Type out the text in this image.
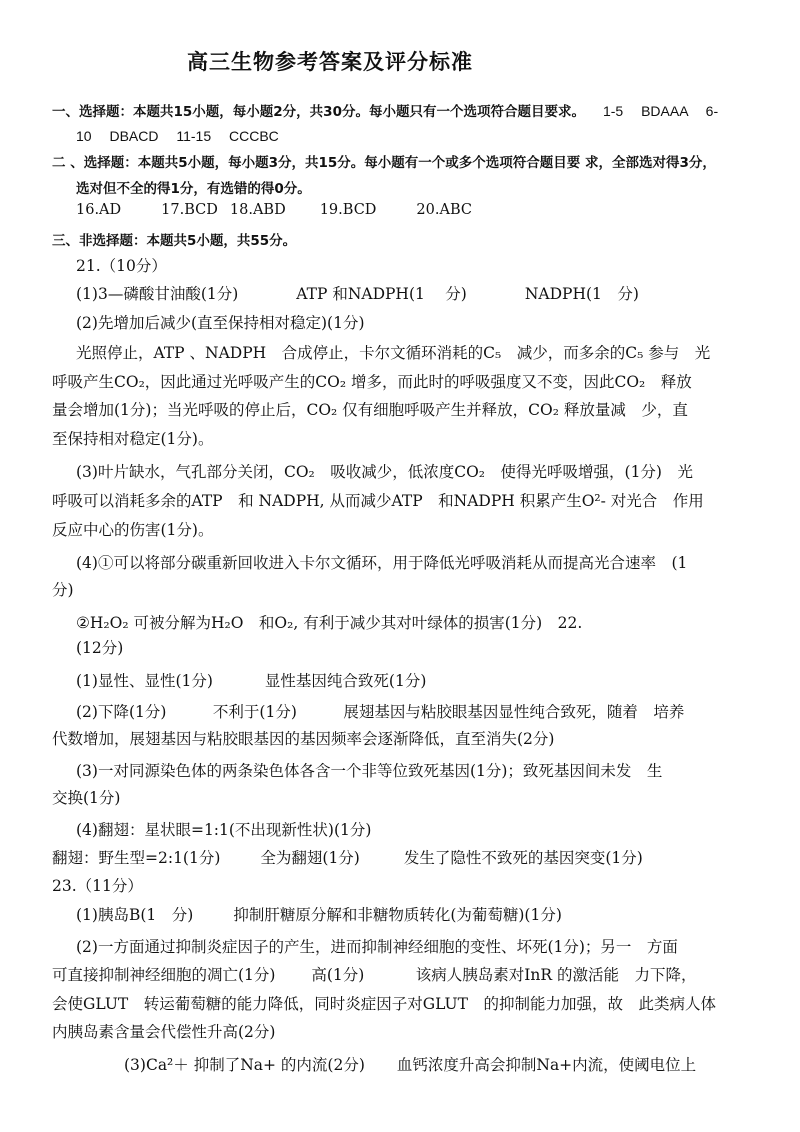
高三生物参考答案及评分标准
一、选择题：本题共15小题，每小题2分，共30分。每小题只有一个选项符合题目要求。 1-5　 BDAAA　 6-
10　 DBACD　 11-15　 CCCBC
二 、选择题：本题共5小题，每小题3分，共15分。每小题有一个或多个选项符合题目要 求，全部选对得3分，
选对但不全的得1分，有选错的得0分。
16.AD	17.BCD 18.ABD 19.BCD	20.ABC
三、非选择题：本题共5小题，共55分。
21.（10分）
(1)3—磷酸甘油酸(1分)	ATP 和NADPH(1　 分)	NADPH(1　分)
(2)先增加后减少(直至保持相对稳定)(1分)
光照停止，ATP 、NADPH　合成停止，卡尔文循环消耗的C₅　减少，而多余的C₅ 参与　光
呼吸产生CO₂，因此通过光呼吸产生的CO₂ 增多，而此时的呼吸强度又不变，因此CO₂　释放
量会增加(1分)；当光呼吸的停止后，CO₂ 仅有细胞呼吸产生并释放，CO₂ 释放量减　少，直
至保持相对稳定(1分)。
(3)叶片缺水，气孔部分关闭，CO₂　吸收减少，低浓度CO₂　使得光呼吸增强，(1分)　光
呼吸可以消耗多余的ATP　和 NADPH, 从而减少ATP　和NADPH 积累产生O²- 对光合　作用
反应中心的伤害(1分)。
(4)①可以将部分碳重新回收进入卡尔文循环，用于降低光呼吸消耗从而提高光合速率　(1
分)
②H₂O₂ 可被分解为H₂O　和O₂, 有利于减少其对叶绿体的损害(1分)　22.
(12分)
(1)显性、显性(1分)	显性基因纯合致死(1分)
(2)下降(1分)　　　不利于(1分)　　　展翅基因与粘胶眼基因显性纯合致死，随着　培养
代数增加，展翅基因与粘胶眼基因的基因频率会逐渐降低，直至消失(2分)
(3)一对同源染色体的两条染色体各含一个非等位致死基因(1分)；致死基因间未发　生
交换(1分)
(4)翻翅：星状眼=1:1(不出现新性状)(1分)
翻翅：野生型=2:1(1分)	全为翻翅(1分)	发生了隐性不致死的基因突变(1分)
23.（11分）
(1)胰岛B(1　分)	抑制肝糖原分解和非糖物质转化(为葡萄糖)(1分)
(2)一方面通过抑制炎症因子的产生，进而抑制神经细胞的变性、坏死(1分)；另一　方面
可直接抑制神经细胞的凋亡(1分)　　 高(1分)　　　 该病人胰岛素对InR 的激活能　力下降，
会使GLUT　转运葡萄糖的能力降低，同时炎症因子对GLUT　的抑制能力加强，故　此类病人体
内胰岛素含量会代偿性升高(2分)
(3)Ca²＋ 抑制了Na+ 的内流(2分) 血钙浓度升高会抑制Na+内流，使阈电位上
